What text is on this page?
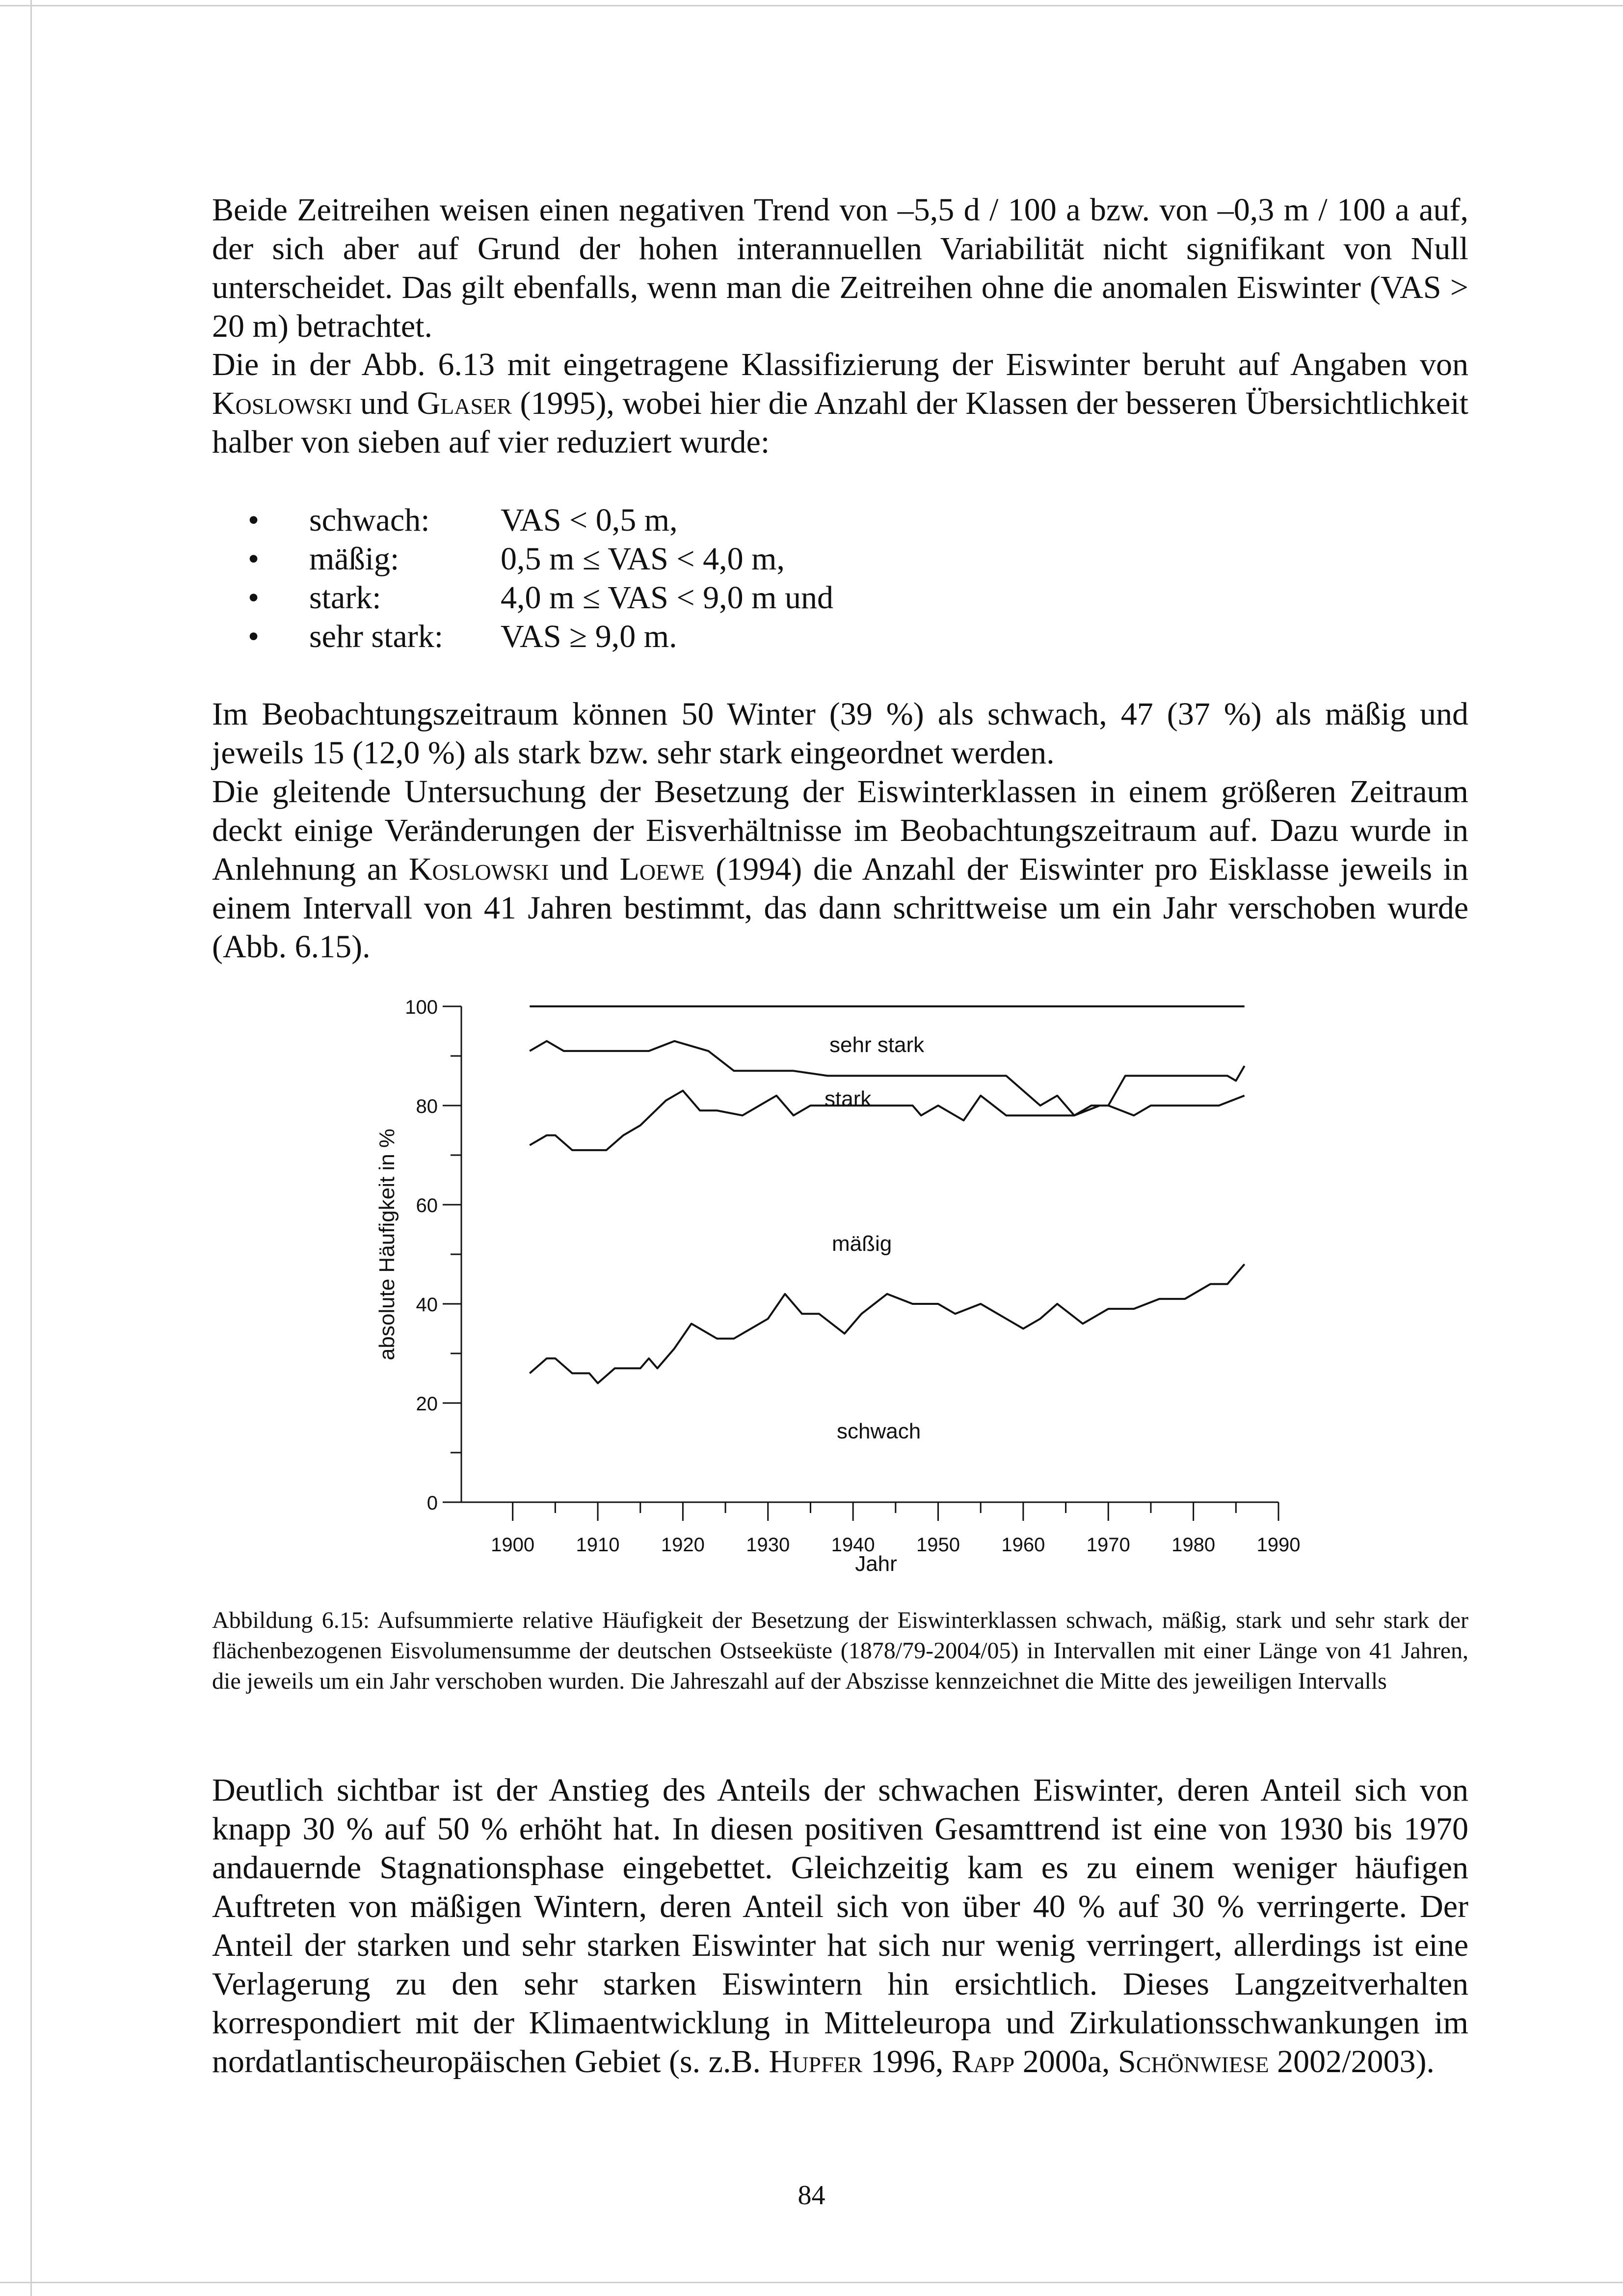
Beide Zeitreihen weisen einen negativen Trend von –5,5 d / 100 a bzw. von –0,3 m / 100 a auf, der sich aber auf Grund der hohen interannuellen Variabilität nicht signifikant von Null unterscheidet. Das gilt ebenfalls, wenn man die Zeitreihen ohne die anomalen Eiswinter (VAS > 20 m) betrachtet.

Die in der Abb. 6.13 mit eingetragene Klassifizierung der Eiswinter beruht auf Angaben von Koslowski und Glaser (1995), wobei hier die Anzahl der Klassen der besseren Übersichtlichkeit halber von sieben auf vier reduziert wurde:

• schwach: VAS < 0,5 m,
• mäßig:	0,5 m ≤ VAS < 4,0 m,
• stark:	4,0 m ≤ VAS < 9,0 m und
• sehr stark: VAS ≥ 9,0 m.

Im Beobachtungszeitraum können 50 Winter (39 %) als schwach, 47 (37 %) als mäßig und jeweils 15 (12,0 %) als stark bzw. sehr stark eingeordnet werden.

Die gleitende Untersuchung der Besetzung der Eiswinterklassen in einem größeren Zeitraum deckt einige Veränderungen der Eisverhältnisse im Beobachtungszeitraum auf. Dazu wurde in Anlehnung an Koslowski und Loewe (1994) die Anzahl der Eiswinter pro Eisklasse jeweils in einem Intervall von 41 Jahren bestimmt, das dann schrittweise um ein Jahr verschoben wurde (Abb. 6.15).

0
20
40
60
80
100
1900 1910 1920 1930 1940 1950 1960 1970 1980 1990
sehr stark
stark
mäßig
schwach
Jahr
absolute Häufigkeit in %

Abbildung 6.15: Aufsummierte relative Häufigkeit der Besetzung der Eiswinterklassen schwach, mäßig, stark und sehr stark der flächenbezogenen Eisvolumensumme der deutschen Ostseeküste (1878/79-2004/05) in Intervallen mit einer Länge von 41 Jahren, die jeweils um ein Jahr verschoben wurden. Die Jahreszahl auf der Abszisse kennzeichnet die Mitte des jeweiligen Intervalls

Deutlich sichtbar ist der Anstieg des Anteils der schwachen Eiswinter, deren Anteil sich von knapp 30 % auf 50 % erhöht hat. In diesen positiven Gesamttrend ist eine von 1930 bis 1970 andauernde Stagnationsphase eingebettet. Gleichzeitig kam es zu einem weniger häufigen Auftreten von mäßigen Wintern, deren Anteil sich von über 40 % auf 30 % verringerte. Der Anteil der starken und sehr starken Eiswinter hat sich nur wenig verringert, allerdings ist eine Verlagerung zu den sehr starken Eiswintern hin ersichtlich. Dieses Langzeitverhalten korrespondiert mit der Klimaentwicklung in Mitteleuropa und Zirkulationsschwankungen im nordatlantischeuropäischen Gebiet (s. z.B. Hupfer 1996, Rapp 2000a, Schönwiese 2002/2003).

84
